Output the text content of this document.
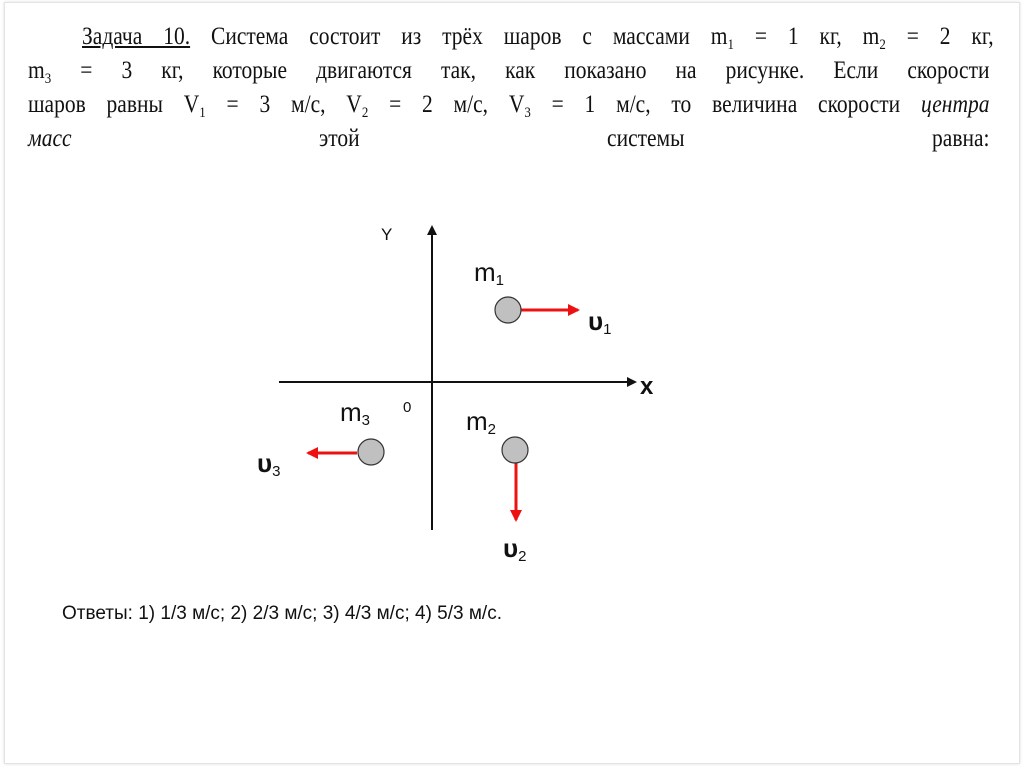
Задача 10. Система состоит из трёх шаров с массами $m_1 = 1$ кг, $m_2 = 2$ кг,
$m_3 = 3$ кг, которые двигаются так, как показано на рисунке. Если скорости
шаров равны $V_1 = 3$ м/с, $V_2 = 2$ м/с, $V_3 = 1$ м/с, то величина скорости центра
масс	этой	системы	равна:
Y
x
0
m1
m2
m3
υ1
υ2
υ3
Ответы: 1) 1/3 м/с; 2) 2/3 м/с; 3) 4/3 м/с; 4) 5/3 м/с.
